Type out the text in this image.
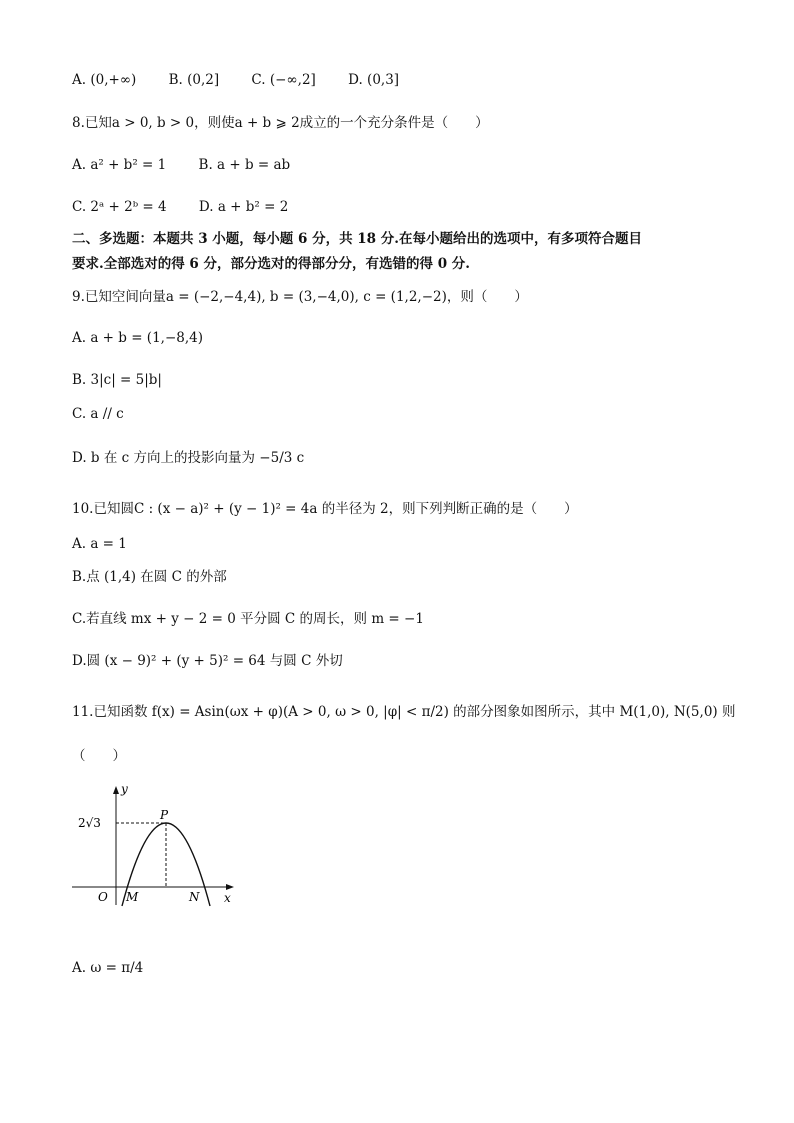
A. (0,+∞) B. (0,2] C. (−∞,2] D. (0,3]
8.已知a > 0, b > 0，则使a + b ⩾ 2成立的一个充分条件是（　　）
A. a² + b² = 1 B. a + b = ab
C. 2ᵃ + 2ᵇ = 4 D. a + b² = 2
二、多选题：本题共 3 小题，每小题 6 分，共 18 分.在每小题给出的选项中，有多项符合题目
要求.全部选对的得 6 分，部分选对的得部分分，有选错的得 0 分.
9.已知空间向量a = (−2,−4,4), b = (3,−4,0), c = (1,2,−2)，则（　　）
A. a + b = (1,−8,4)
B. 3|c| = 5|b|
C. a // c
D. b 在 c 方向上的投影向量为 −5/3 c
10.已知圆C : (x − a)² + (y − 1)² = 4a 的半径为 2，则下列判断正确的是（　　）
A. a = 1
B.点 (1,4) 在圆 C 的外部
C.若直线 mx + y − 2 = 0 平分圆 C 的周长，则 m = −1
D.圆 (x − 9)² + (y + 5)² = 64 与圆 C 外切
11.已知函数 f(x) = Asin(ωx + φ)(A > 0, ω > 0, |φ| < π/2) 的部分图象如图所示，其中 M(1,0), N(5,0) 则
（　　）
y
x
O M	N
P
2√3
A. ω = π/4
